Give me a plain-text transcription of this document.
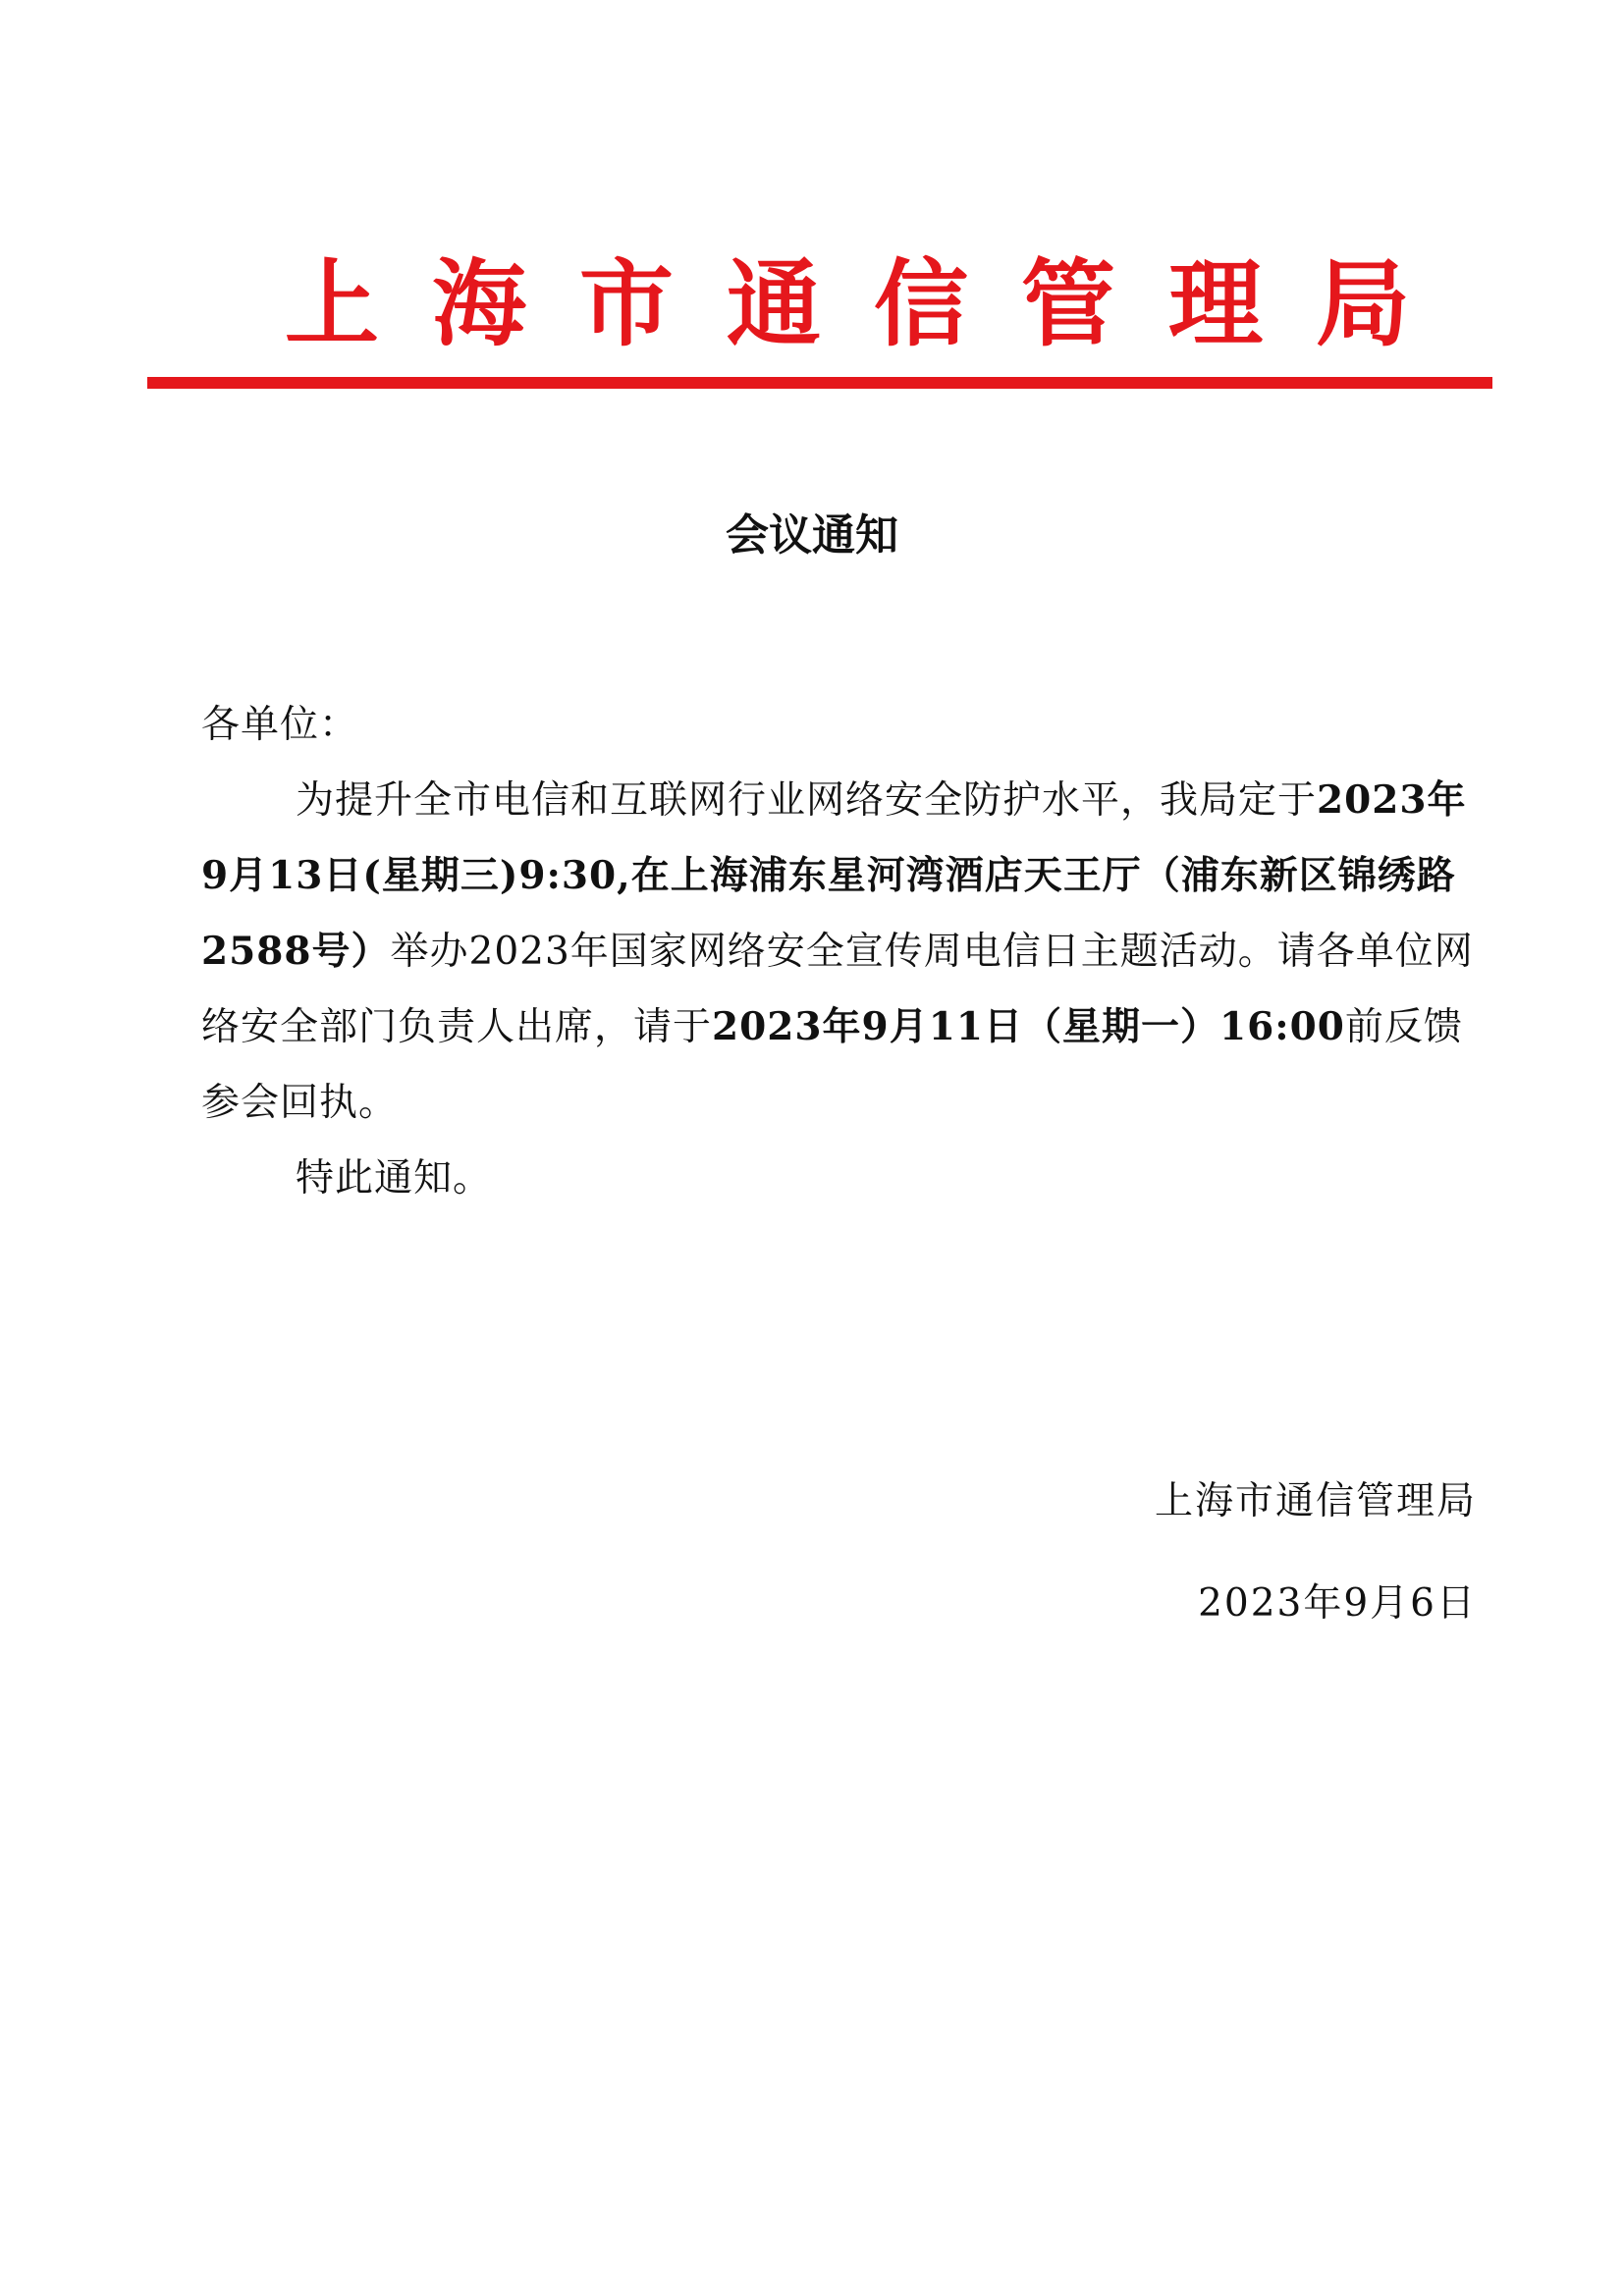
上 海 市 通 信 管 理 局
会议通知

各单位：

为提升全市电信和互联网行业网络安全防护水平，我局定于2023年9月13日(星期三)9:30,在上海浦东星河湾酒店天王厅（浦东新区锦绣路2588号）举办2023年国家网络安全宣传周电信日主题活动。请各单位网络安全部门负责人出席，请于2023年9月11日（星期一）16:00前反馈参会回执。

特此通知。

上海市通信管理局
2023年9月6日
